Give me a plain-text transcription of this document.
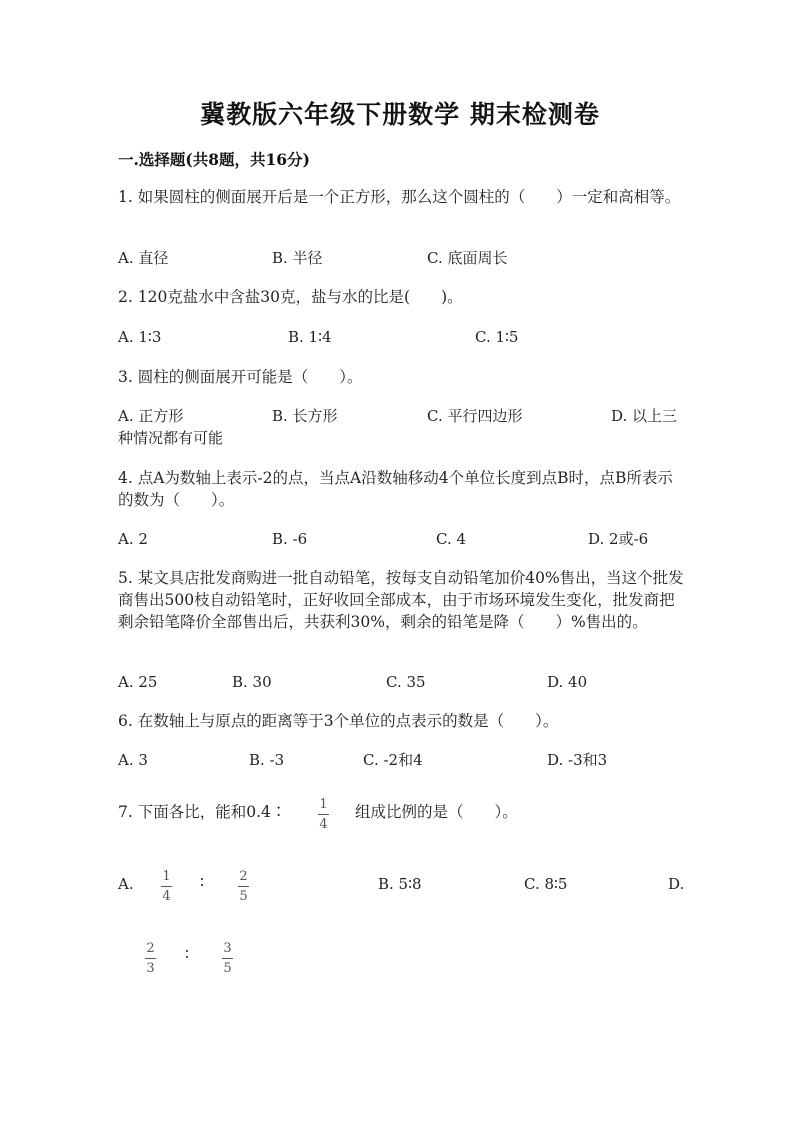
冀教版六年级下册数学 期末检测卷
一.选择题(共8题，共16分)
1. 如果圆柱的侧面展开后是一个正方形，那么这个圆柱的（　　）一定和高相等。
A. 直径	B. 半径	C. 底面周长
2. 120克盐水中含盐30克，盐与水的比是(　　)。
A. 1∶3	B. 1∶4	C. 1∶5
3. 圆柱的侧面展开可能是（　　）。
A. 正方形	B. 长方形	C. 平行四边形	D. 以上三
种情况都有可能
4. 点A为数轴上表示-2的点，当点A沿数轴移动4个单位长度到点B时，点B所表示的数为（　　）。
A. 2	B. -6	C. 4	D. 2或-6
5. 某文具店批发商购进一批自动铅笔，按每支自动铅笔加价40%售出，当这个批发商售出500枝自动铅笔时，正好收回全部成本，由于市场环境发生变化，批发商把剩余铅笔降价全部售出后，共获利30%，剩余的铅笔是降（　　）%售出的。
A. 25	B. 30	C. 35	D. 40
6. 在数轴上与原点的距离等于3个单位的点表示的数是（　　）。
A. 3	B. -3	C. -2和4	D. -3和3
7. 下面各比，能和0.4∶	1
4
组成比例的是（　　）。
A. 1
4
∶	2
5
B. 5∶8	C. 8∶5	D.
2
3
∶	3
5
